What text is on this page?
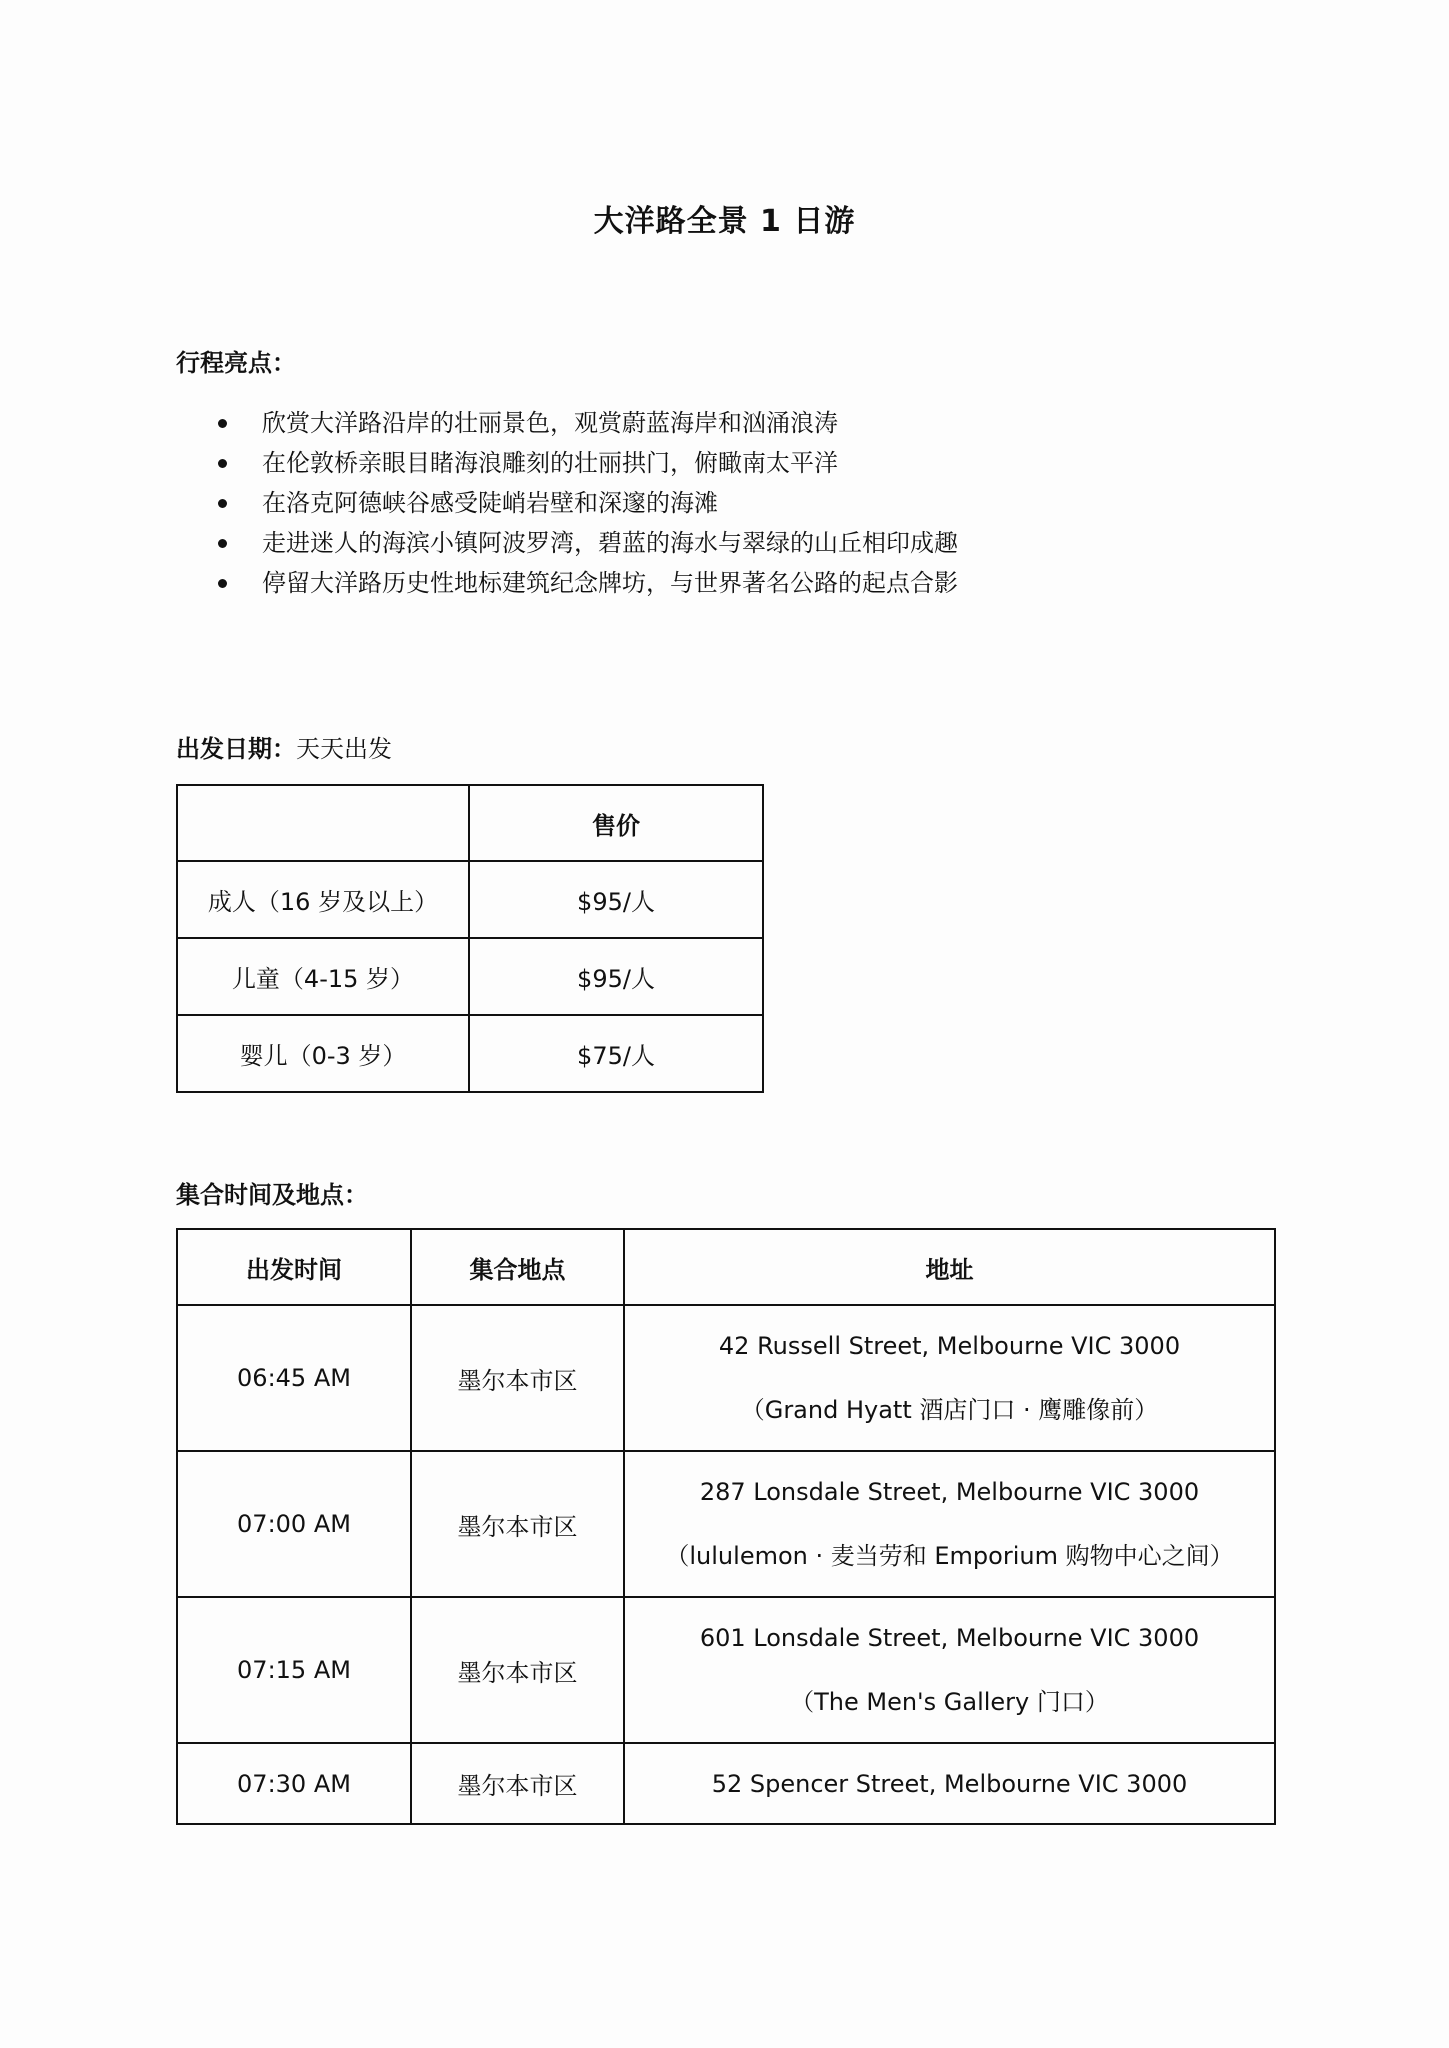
大洋路全景 1 日游
行程亮点：
欣赏大洋路沿岸的壮丽景色，观赏蔚蓝海岸和汹涌浪涛
在伦敦桥亲眼目睹海浪雕刻的壮丽拱门，俯瞰南太平洋
在洛克阿德峡谷感受陡峭岩壁和深邃的海滩
走进迷人的海滨小镇阿波罗湾，碧蓝的海水与翠绿的山丘相印成趣
停留大洋路历史性地标建筑纪念牌坊，与世界著名公路的起点合影
出发日期：天天出发
	售价
成人（16 岁及以上）	$95/人
儿童（4-15 岁）	$95/人
婴儿（0-3 岁）	$75/人
集合时间及地点：
出发时间	集合地点	地址
06:45 AM	墨尔本市区	42 Russell Street, Melbourne VIC 3000
（Grand Hyatt 酒店门口 · 鹰雕像前）

07:00 AM	墨尔本市区	287 Lonsdale Street, Melbourne VIC 3000
（lululemon · 麦当劳和 Emporium 购物中心之间）

07:15 AM	墨尔本市区	601 Lonsdale Street, Melbourne VIC 3000
（The Men's Gallery 门口）

07:30 AM	墨尔本市区	52 Spencer Street, Melbourne VIC 3000
